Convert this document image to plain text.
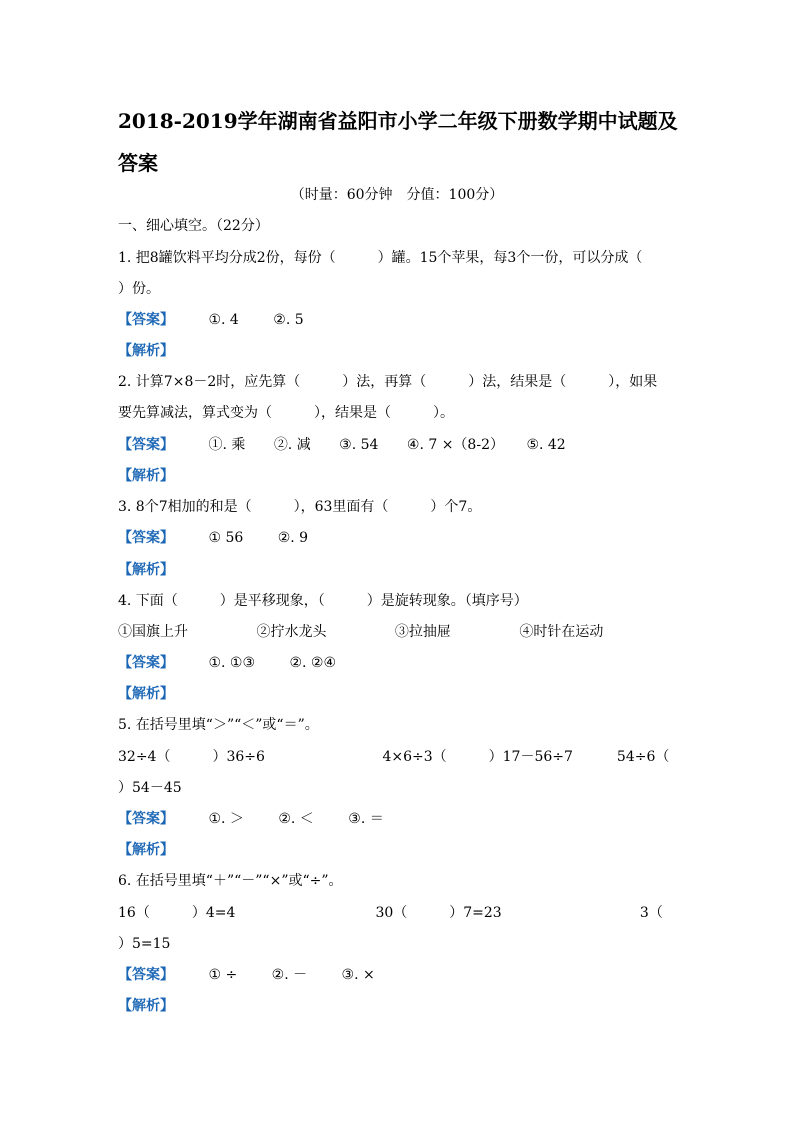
2018-2019学年湖南省益阳市小学二年级下册数学期中试题及答案
（时量：60分钟　分值：100分）
一、细心填空。（22分）
1. 把8罐饮料平均分成2份，每份（　　　）罐。15个苹果，每3个一份，可以分成（
）份。
【答案】 ①. 4 ②. 5
【解析】
2. 计算7×8－2时，应先算（　　　）法，再算（　　　）法，结果是（　　　），如果
要先算减法，算式变为（　　　），结果是（　　　）。
【答案】 ①. 乘 ②. 减 ③. 54 ④. 7 ×（8-2） ⑤. 42
【解析】
3. 8个7相加的和是（　　　），63里面有（　　　）个7。
【答案】 ① 56 ②. 9
【解析】
4. 下面（　　　）是平移现象，（　　　）是旋转现象。（填序号）
①国旗上升	②拧水龙头	③拉抽屉	④时针在运动
【答案】 ①. ①③ ②. ②④
【解析】
5. 在括号里填“＞”“＜”或“＝”。
32÷4（　　　）36÷6	4×6÷3（　　　）17－56÷7	54÷6（
）54－45
【答案】 ①. ＞ ②. ＜ ③. ＝
【解析】
6. 在括号里填“＋”“－”“×”或“÷”。
16（　　　）4=4	30（　　　）7=23	3（
）5=15
【答案】 ① ÷ ②. － ③. ×
【解析】
